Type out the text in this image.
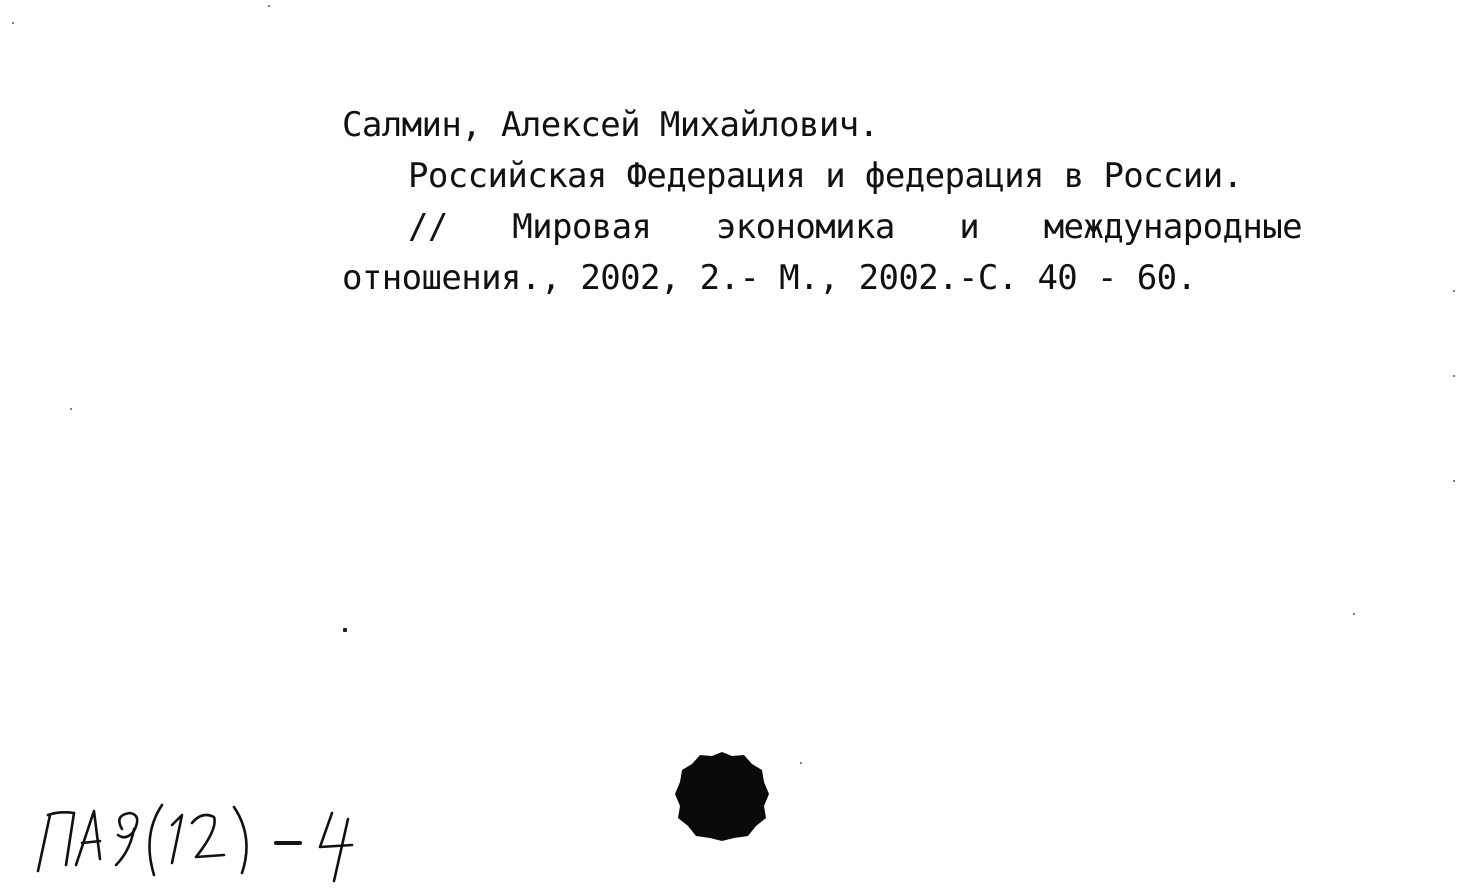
Салмин, Алексей Михайлович.
Российская Федерация и федерация в России.
// Мировая экономика и международные
отношения., 2002, 2.- М., 2002.-С. 40 - 60.
